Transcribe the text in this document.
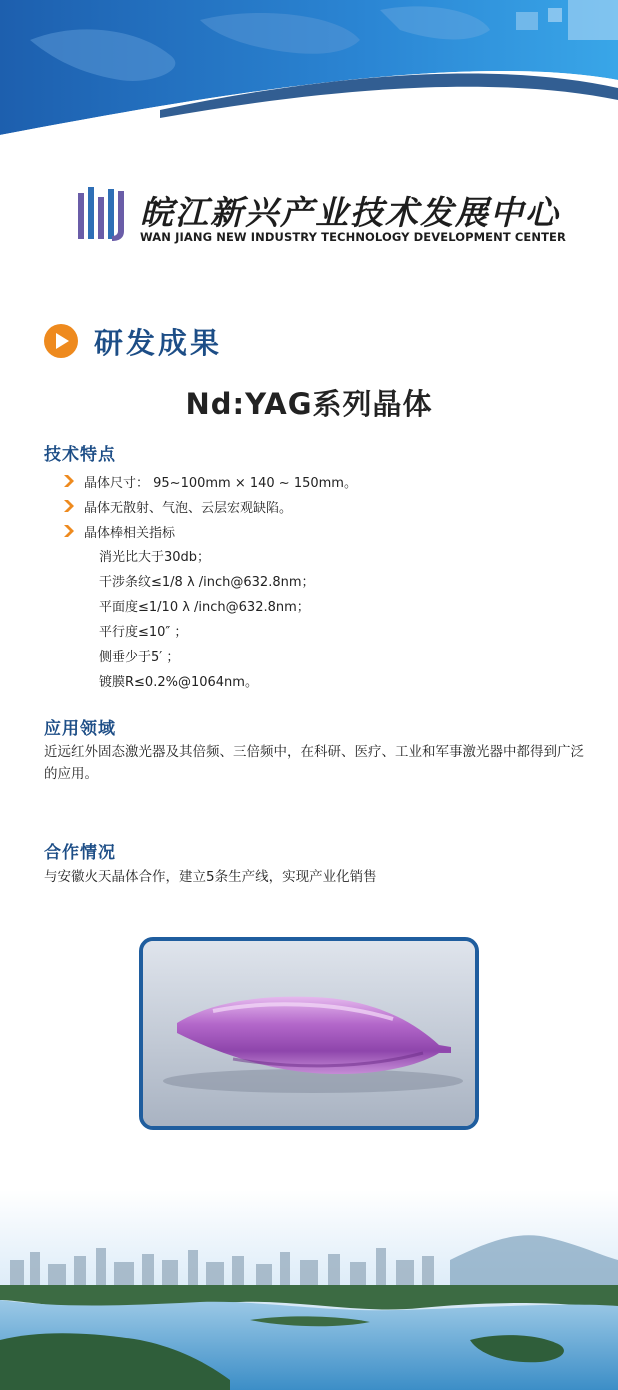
皖江新兴产业技术发展中心
WAN JIANG NEW INDUSTRY TECHNOLOGY DEVELOPMENT CENTER
研发成果
Nd:YAG系列晶体
技术特点
晶体尺寸： 95~100mm × 140 ~ 150mm。
晶体无散射、气泡、云层宏观缺陷。
晶体棒相关指标
消光比大于30db；
干涉条纹≤1/8 λ /inch@632.8nm；
平面度≤1/10 λ /inch@632.8nm；
平行度≤10″ ；
侧垂少于5′ ；
镀膜R≤0.2%@1064nm。
应用领域
近远红外固态激光器及其倍频、三倍频中，在科研、医疗、工业和军事激光器中都得到广泛的应用。
合作情况
与安徽火天晶体合作，建立5条生产线，实现产业化销售
